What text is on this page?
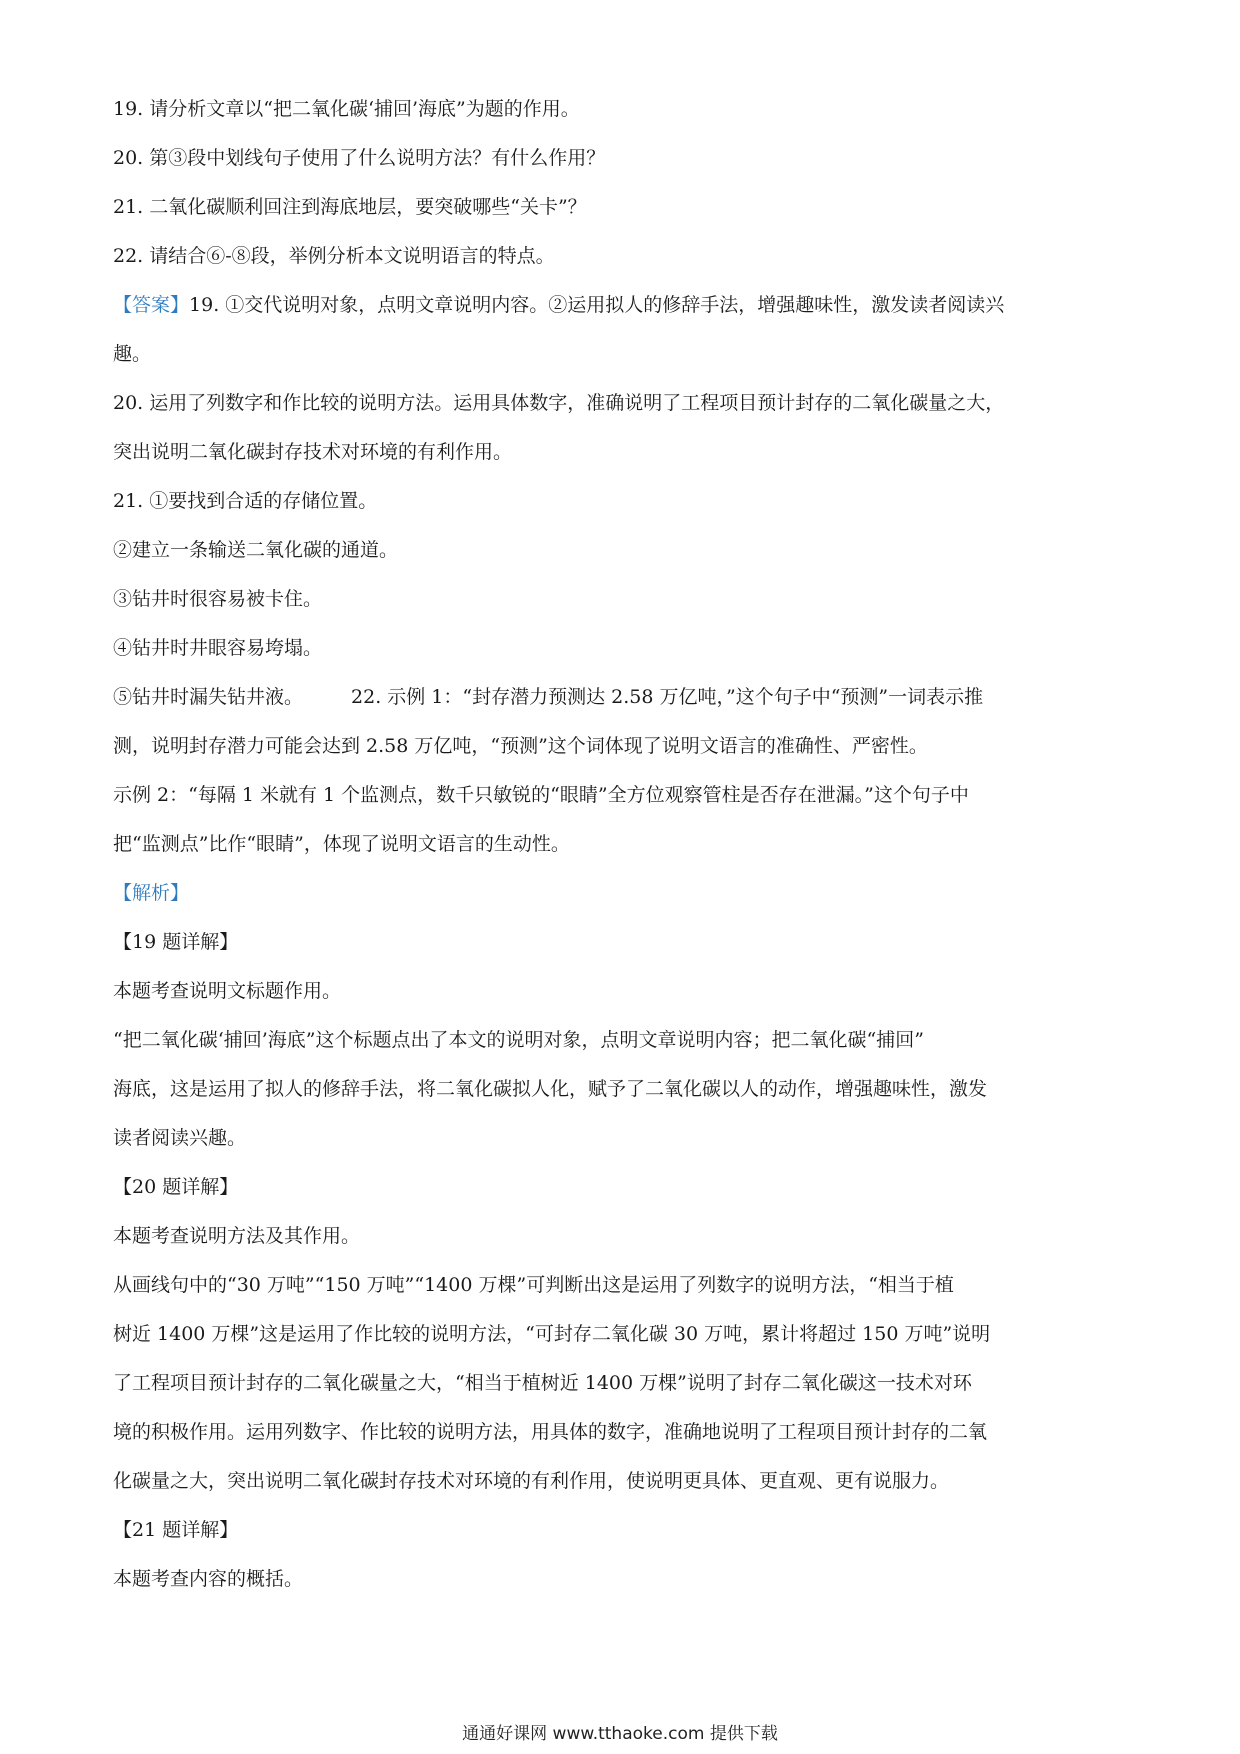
19. 请分析文章以“把二氧化碳‘捕回’海底”为题的作用。
20. 第③段中划线句子使用了什么说明方法？有什么作用？
21. 二氧化碳顺利回注到海底地层，要突破哪些“关卡”？
22. 请结合⑥-⑧段，举例分析本文说明语言的特点。
【答案】19. ①交代说明对象，点明文章说明内容。②运用拟人的修辞手法，增强趣味性，激发读者阅读兴
趣。
20. 运用了列数字和作比较的说明方法。运用具体数字，准确说明了工程项目预计封存的二氧化碳量之大，
突出说明二氧化碳封存技术对环境的有利作用。
21. ①要找到合适的存储位置。
②建立一条输送二氧化碳的通道。
③钻井时很容易被卡住。
④钻井时井眼容易垮塌。
⑤钻井时漏失钻井液。	22. 示例 1：“封存潜力预测达 2.58 万亿吨，”这个句子中“预测”一词表示推
测，说明封存潜力可能会达到 2.58 万亿吨，“预测”这个词体现了说明文语言的准确性、严密性。
示例 2：“每隔 1 米就有 1 个监测点，数千只敏锐的“眼睛”全方位观察管柱是否存在泄漏。”这个句子中
把“监测点”比作“眼睛”，体现了说明文语言的生动性。
【解析】
【19 题详解】
本题考查说明文标题作用。
“把二氧化碳‘捕回’海底”这个标题点出了本文的说明对象，点明文章说明内容；把二氧化碳“捕回”
海底，这是运用了拟人的修辞手法，将二氧化碳拟人化，赋予了二氧化碳以人的动作，增强趣味性，激发
读者阅读兴趣。
【20 题详解】
本题考查说明方法及其作用。
从画线句中的“30 万吨”“150 万吨”“1400 万棵”可判断出这是运用了列数字的说明方法，“相当于植
树近 1400 万棵”这是运用了作比较的说明方法，“可封存二氧化碳 30 万吨，累计将超过 150 万吨”说明
了工程项目预计封存的二氧化碳量之大，“相当于植树近 1400 万棵”说明了封存二氧化碳这一技术对环
境的积极作用。运用列数字、作比较的说明方法，用具体的数字，准确地说明了工程项目预计封存的二氧
化碳量之大，突出说明二氧化碳封存技术对环境的有利作用，使说明更具体、更直观、更有说服力。
【21 题详解】
本题考查内容的概括。
通通好课网 www.tthaoke.com 提供下载
